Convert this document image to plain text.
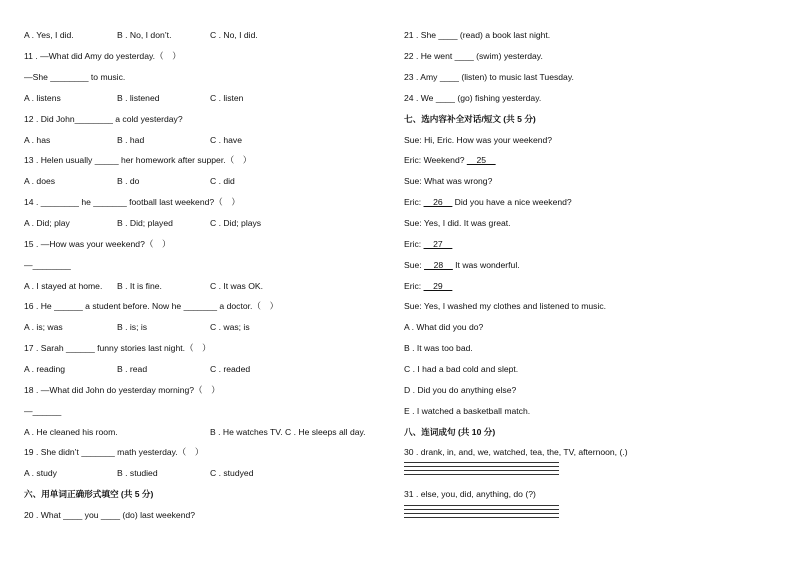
A . Yes, I did.	B . No, I don’t.	C . No, I did.
11 . —What did Amy do yesterday.（　）
—She ________ to music.
A . listens	B . listened	C . listen
12 . Did John________ a cold yesterday?
A . has	B . had	C . have
13 . Helen usually _____ her homework after supper.（　）
A . does	B . do	C . did
14 . ________ he _______ football last weekend?（　）
A . Did; play	B . Did; played	C . Did; plays
15 . —How was your weekend?（　）
—________
A . I stayed at home. B . It is fine.	C . It was OK.
16 . He ______ a student before. Now he _______ a doctor.（　）
A . is; was	B . is; is	C . was; is
17 . Sarah ______ funny stories last night.（　）
A . reading	B . read	C . readed
18 . —What did John do yesterday morning?（　）
—______
A . He cleaned his room.	B . He watches TV. C . He sleeps all day.
19 . She didn’t _______ math yesterday.（　）
A . study	B . studied	C . studyed
六、用单词正确形式填空 (共 5 分)
20 . What ____ you ____ (do) last weekend?
21 . She ____ (read) a book last night.
22 . He went ____ (swim) yesterday.
23 . Amy ____ (listen) to music last Tuesday.
24 . We ____ (go) fishing yesterday.
七、选内容补全对话/短文 (共 5 分)
Sue: Hi, Eric. How was your weekend?
Eric: Weekend? __25__
Sue: What was wrong?
Eric: __26__ Did you have a nice weekend?
Sue: Yes, I did. It was great.
Eric: __27__
Sue: __28__ It was wonderful.
Eric: __29__
Sue: Yes, I washed my clothes and listened to music.
A . What did you do?
B . It was too bad.
C . I had a bad cold and slept.
D . Did you do anything else?
E . I watched a basketball match.
八、连词成句 (共 10 分)
30 . drank, in, and, we, watched, tea, the, TV, afternoon, (.)
31 . else, you, did, anything, do (?)
